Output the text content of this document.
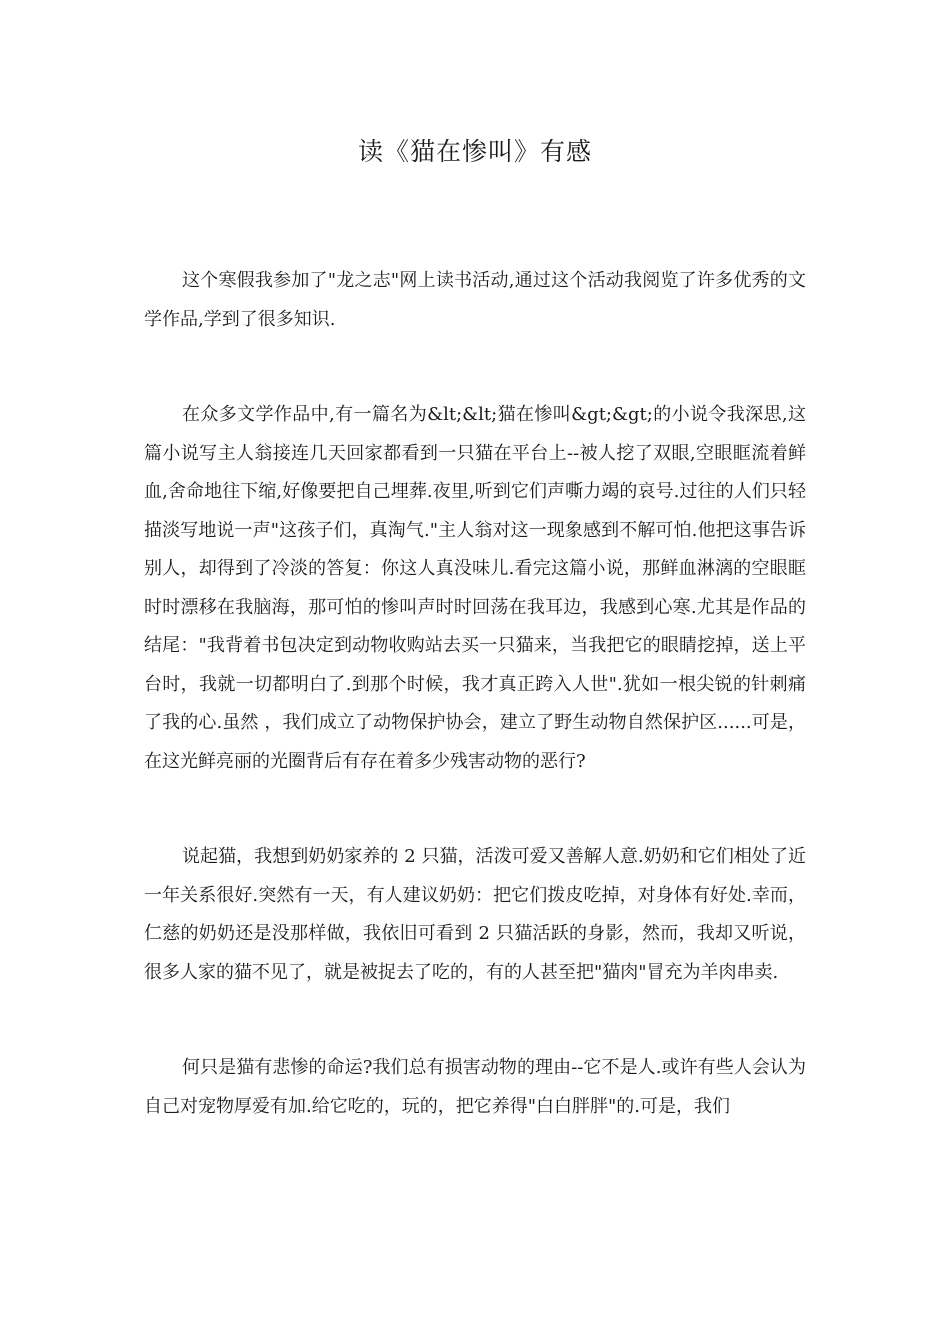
读《猫在惨叫》有感

这个寒假我参加了"龙之志"网上读书活动,通过这个活动我阅览了许多优秀的文学作品,学到了很多知识.

在众多文学作品中,有一篇名为&lt;&lt;猫在惨叫&gt;&gt;的小说令我深思,这篇小说写主人翁接连几天回家都看到一只猫在平台上--被人挖了双眼,空眼眶流着鲜血,舍命地往下缩,好像要把自己埋葬.夜里,听到它们声嘶力竭的哀号.过往的人们只轻描淡写地说一声"这孩子们，真淘气."主人翁对这一现象感到不解可怕.他把这事告诉别人，却得到了冷淡的答复：你这人真没味儿.看完这篇小说，那鲜血淋漓的空眼眶时时漂移在我脑海，那可怕的惨叫声时时回荡在我耳边，我感到心寒.尤其是作品的结尾："我背着书包决定到动物收购站去买一只猫来，当我把它的眼睛挖掉，送上平台时，我就一切都明白了.到那个时候，我才真正跨入人世".犹如一根尖锐的针刺痛了我的心.虽然 ，我们成立了动物保护协会，建立了野生动物自然保护区......可是，在这光鲜亮丽的光圈背后有存在着多少残害动物的恶行?

说起猫，我想到奶奶家养的 2 只猫，活泼可爱又善解人意.奶奶和它们相处了近一年关系很好.突然有一天，有人建议奶奶：把它们拨皮吃掉，对身体有好处.幸而，仁慈的奶奶还是没那样做，我依旧可看到 2 只猫活跃的身影，然而，我却又听说，很多人家的猫不见了，就是被捉去了吃的，有的人甚至把"猫肉"冒充为羊肉串卖.

何只是猫有悲惨的命运?我们总有损害动物的理由--它不是人.或许有些人会认为自己对宠物厚爱有加.给它吃的，玩的，把它养得"白白胖胖"的.可是，我们
